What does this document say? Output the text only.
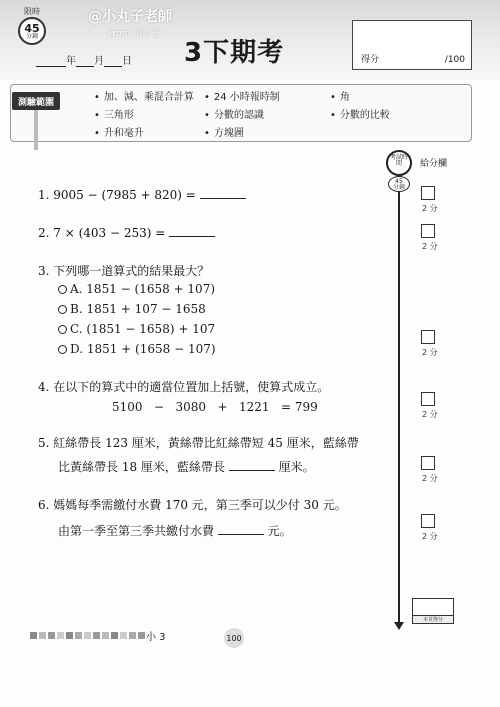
限時
45
分鐘
@小丸子老師
From 小紅书
年 月 日 3下期考	得分	/100
測驗範圍
•	加、減、乘混合計算
• 三角形
• 升和毫升
• 24 小時報時制
• 分數的認識
• 方塊圖
• 角
• 分數的比較
考試時間
45
分鐘
給分欄
2 分
2 分
2 分
2 分
2 分
2 分
1. 9005 − (7985 + 820) =
2. 7 × (403 − 253) =
3. 下列哪一道算式的結果最大？
A. 1851 − (1658 + 107)
B. 1851 + 107 − 1658
C. (1851 − 1658) + 107
D. 1851 + (1658 − 107)
4. 在以下的算式中的適當位置加上括號，使算式成立。
5100   −   3080   +   1221   = 799
5. 紅絲帶長 123 厘米，黃絲帶比紅絲帶短 45 厘米，藍絲帶
比黃絲帶長 18 厘米，藍絲帶長	厘米。
6. 媽媽每季需繳付水費 170 元，第三季可以少付 30 元。
由第一季至第三季共繳付水費	元。
本頁得分
小 3	100
